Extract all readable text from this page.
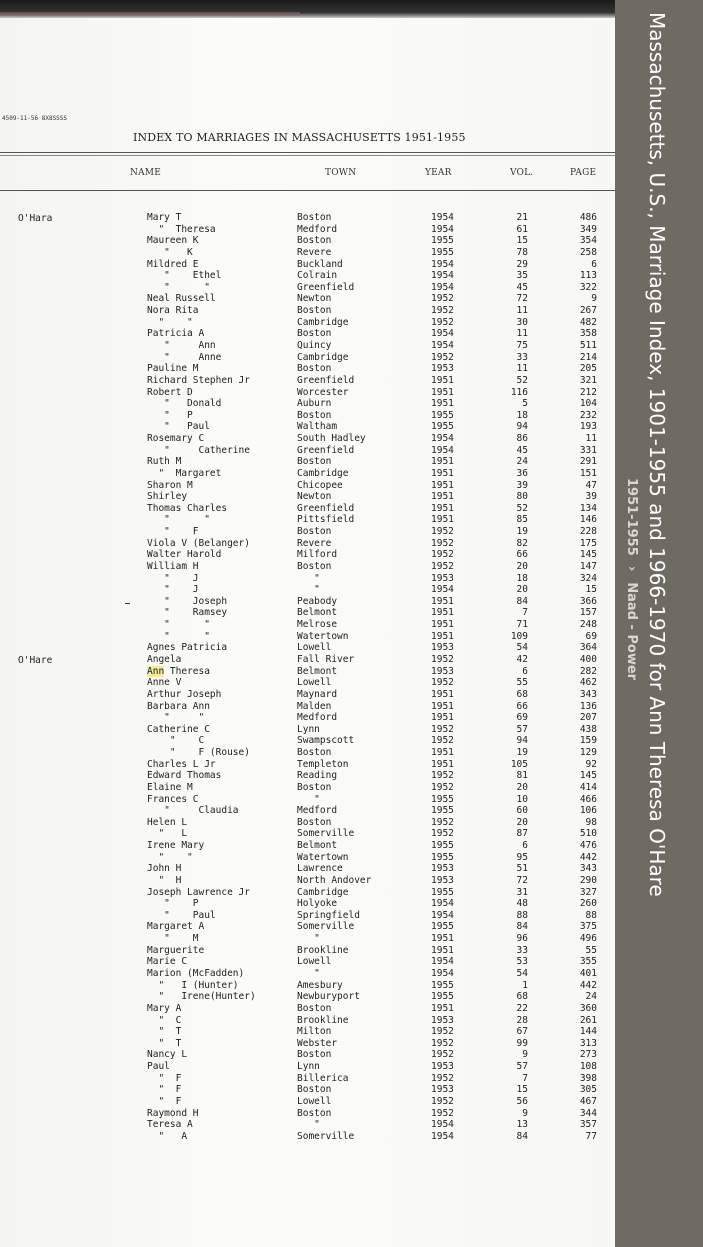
4509-11-56 8X8SSSS
INDEX TO MARRIAGES IN MASSACHUSETTS 1951-1955
NAME	TOWN	YEAR	VOL.	PAGE
O'Hara
O'Hare
Mary T	Boston	1954	21	486
"  Theresa	Medford	1954	61	349
Maureen K	Boston	1955	15	354
"   K	Revere	1955	78	258
Mildred E	Buckland	1954	29	6
"    Ethel	Colrain	1954	35	113
"      "	Greenfield	1954	45	322
Neal Russell	Newton	1952	72	9
Nora Rita	Boston	1952	11	267
"    "	Cambridge	1952	30	482
Patricia A	Boston	1954	11	358
"     Ann	Quincy	1954	75	511
"     Anne	Cambridge	1952	33	214
Pauline M	Boston	1953	11	205
Richard Stephen Jr	Greenfield	1951	52	321
Robert D	Worcester	1951	116	212
"   Donald	Auburn	1951	5	104
"   P	Boston	1955	18	232
"   Paul	Waltham	1955	94	193
Rosemary C	South Hadley	1954	86	11
"     Catherine	Greenfield	1954	45	331
Ruth M	Boston	1951	24	291
"  Margaret	Cambridge	1951	36	151
Sharon M	Chicopee	1951	39	47
Shirley	Newton	1951	80	39
Thomas Charles	Greenfield	1951	52	134
"      "	Pittsfield	1951	85	146
"    F	Boston	1952	19	228
Viola V (Belanger)	Revere	1952	82	175
Walter Harold	Milford	1952	66	145
William H	Boston	1952	20	147
"    J	"	1953	18	324
"    J	"	1954	20	15
"    Joseph	Peabody	1951	84	366
"    Ramsey	Belmont	1951	7	157
"      "	Melrose	1951	71	248
"      "	Watertown	1951	109	69
Agnes Patricia	Lowell	1953	54	364
Angela	Fall River	1952	42	400
Ann Theresa	Belmont	1953	6	282
Anne V	Lowell	1952	55	462
Arthur Joseph	Maynard	1951	68	343
Barbara Ann	Malden	1951	66	136
"     "	Medford	1951	69	207
Catherine C	Lynn	1952	57	438
"    C	Swampscott	1952	94	159
"    F (Rouse)	Boston	1951	19	129
Charles L Jr	Templeton	1951	105	92
Edward Thomas	Reading	1952	81	145
Elaine M	Boston	1952	20	414
Frances C	"	1955	10	466
"     Claudia	Medford	1955	60	106
Helen L	Boston	1952	20	98
"   L	Somerville	1952	87	510
Irene Mary	Belmont	1955	6	476
"    "	Watertown	1955	95	442
John H	Lawrence	1953	51	343
"  H	North Andover	1953	72	290
Joseph Lawrence Jr	Cambridge	1955	31	327
"    P	Holyoke	1954	48	260
"    Paul	Springfield	1954	88	88
Margaret A	Somerville	1955	84	375
"    M	"	1951	96	496
Marguerite	Brookline	1951	33	55
Marie C	Lowell	1954	53	355
Marion (McFadden)	"	1954	54	401
"   I (Hunter)	Amesbury	1955	1	442
"   Irene(Hunter)	Newburyport	1955	68	24
Mary A	Boston	1951	22	360
"  C	Brookline	1953	28	261
"  T	Milton	1952	67	144
"  T	Webster	1952	99	313
Nancy L	Boston	1952	9	273
Paul	Lynn	1953	57	108
"  F	Billerica	1952	7	398
"  F	Boston	1953	15	305
"  F	Lowell	1952	56	467
Raymond H	Boston	1952	9	344
Teresa A	"	1954	13	357
"   A	Somerville	1954	84	77
Massachusetts, U.S., Marriage Index, 1901-1955 and 1966-1970 for Ann Theresa O'Hare
1951-1955 › Naad - Power
